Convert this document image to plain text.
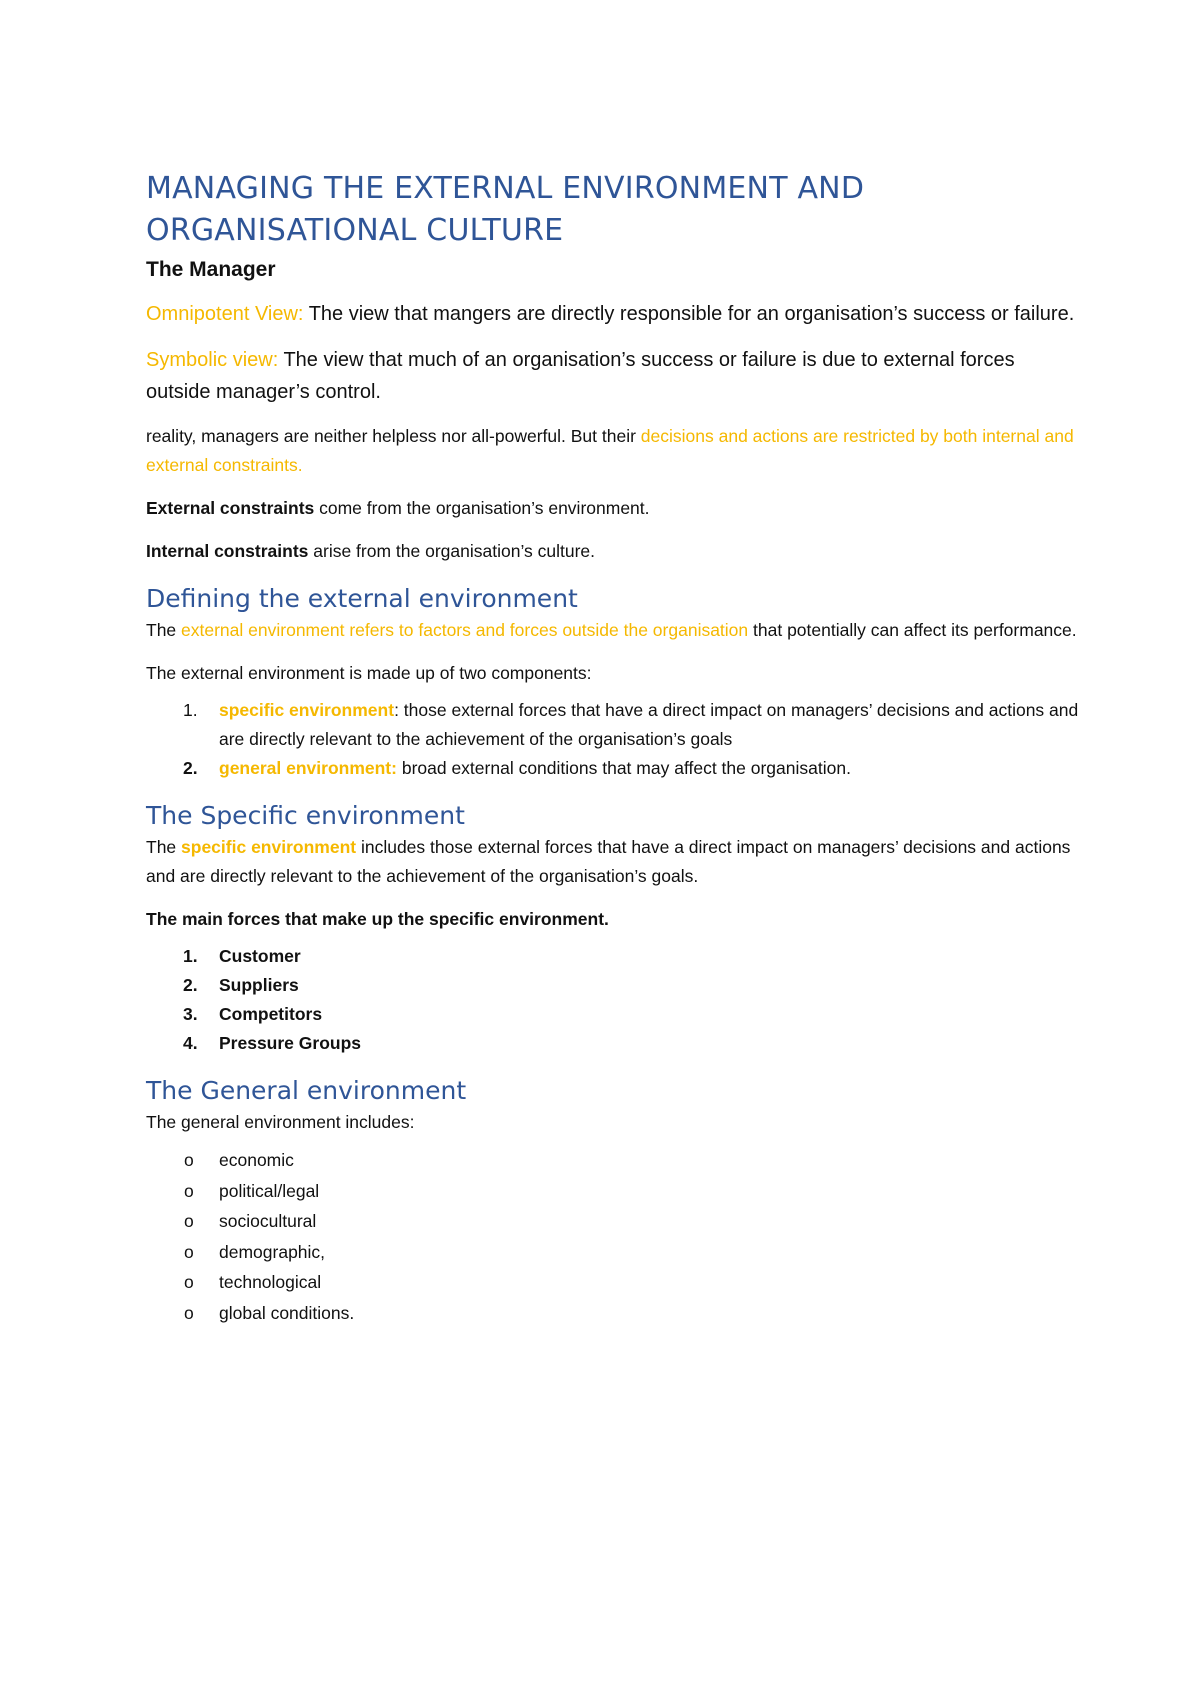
MANAGING THE EXTERNAL ENVIRONMENT AND
ORGANISATIONAL CULTURE
The Manager

Omnipotent View: The view that mangers are directly responsible for an organisation’s success or failure.

Symbolic view: The view that much of an organisation’s success or failure is due to external forces outside manager’s control.

reality, managers are neither helpless nor all-powerful. But their decisions and actions are restricted by both internal and external constraints.

External constraints come from the organisation’s environment.

Internal constraints arise from the organisation’s culture.

Defining the external environment

The external environment refers to factors and forces outside the organisation that potentially can affect its performance.

The external environment is made up of two components:

1. specific environment: those external forces that have a direct impact on managers’ decisions and actions and are directly relevant to the achievement of the organisation’s goals
2. general environment: broad external conditions that may affect the organisation.
The Specific environment

The specific environment includes those external forces that have a direct impact on managers’ decisions and actions and are directly relevant to the achievement of the organisation’s goals.

The main forces that make up the specific environment.

1. Customer
2. Suppliers
3. Competitors
4. Pressure Groups
The General environment

The general environment includes:

o economic
o political/legal
o sociocultural
o demographic,
o technological
o global conditions.
